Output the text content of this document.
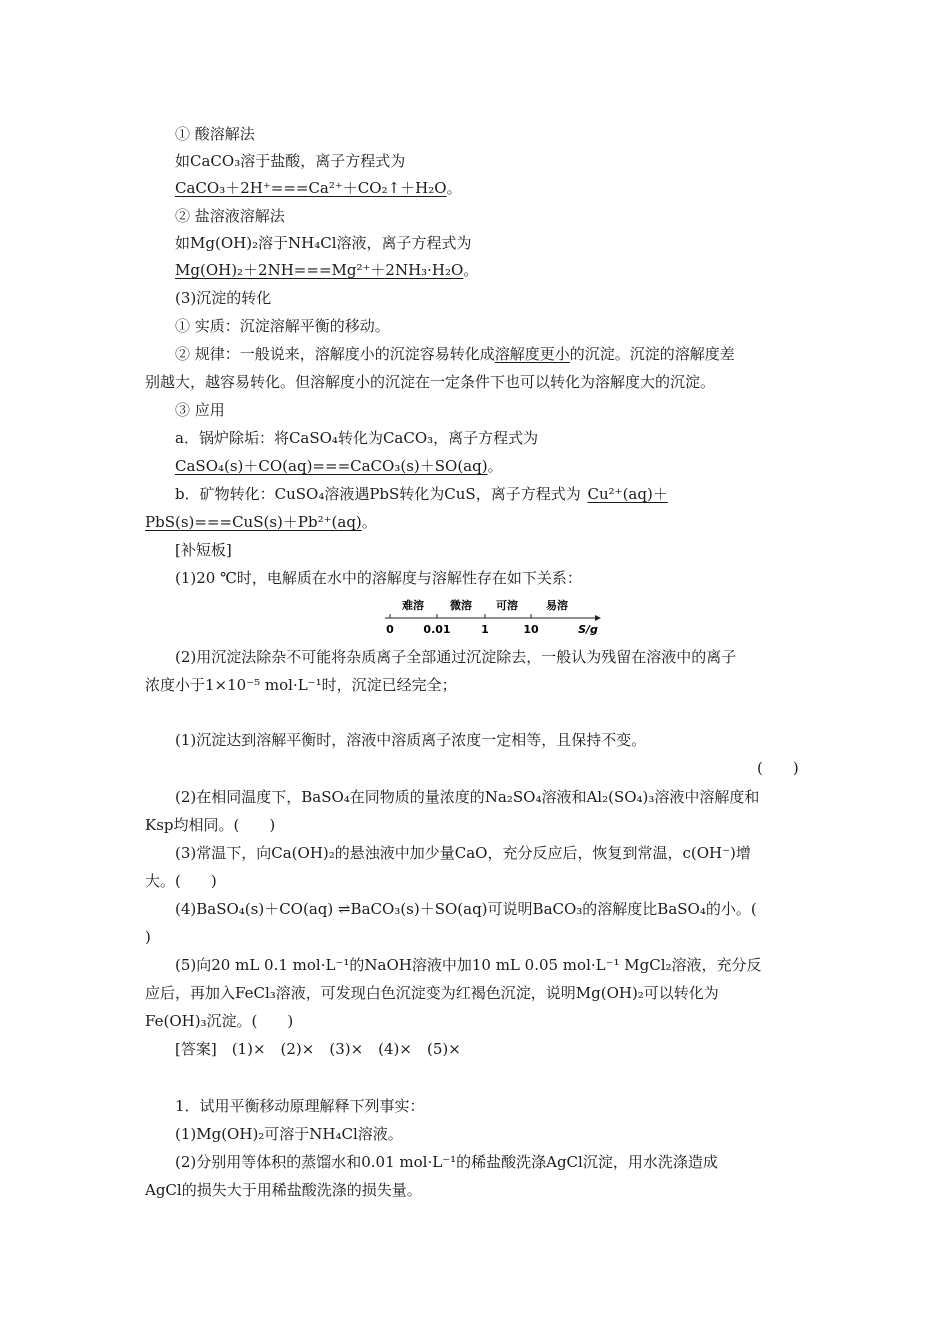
① 酸溶解法
如CaCO₃溶于盐酸，离子方程式为
CaCO₃＋2H⁺===Ca²⁺＋CO₂↑＋H₂O。
② 盐溶液溶解法
如Mg(OH)₂溶于NH₄Cl溶液，离子方程式为
Mg(OH)₂＋2NH===Mg²⁺＋2NH₃·H₂O。
(3)沉淀的转化
① 实质：沉淀溶解平衡的移动。
② 规律：一般说来，溶解度小的沉淀容易转化成溶解度更小的沉淀。沉淀的溶解度差
别越大，越容易转化。但溶解度小的沉淀在一定条件下也可以转化为溶解度大的沉淀。
③ 应用
a．锅炉除垢：将CaSO₄转化为CaCO₃，离子方程式为
CaSO₄(s)＋CO(aq)===CaCO₃(s)＋SO(aq)。
b．矿物转化：CuSO₄溶液遇PbS转化为CuS，离子方程式为 Cu²⁺(aq)＋
PbS(s)===CuS(s)＋Pb²⁺(aq)。
[补短板]
(1)20 ℃时，电解质在水中的溶解度与溶解性存在如下关系：
难溶 微溶 可溶	易溶
0	0.01	1	10	S/g
(2)用沉淀法除杂不可能将杂质离子全部通过沉淀除去，一般认为残留在溶液中的离子
浓度小于1×10⁻⁵ mol·L⁻¹时，沉淀已经完全；
(1)沉淀达到溶解平衡时，溶液中溶质离子浓度一定相等，且保持不变。
(　　)
(2)在相同温度下，BaSO₄在同物质的量浓度的Na₂SO₄溶液和Al₂(SO₄)₃溶液中溶解度和
Ksp均相同。(　　)
(3)常温下，向Ca(OH)₂的悬浊液中加少量CaO，充分反应后，恢复到常温，c(OH⁻)增
大。(　　)
(4)BaSO₄(s)＋CO(aq) ⇌BaCO₃(s)＋SO(aq)可说明BaCO₃的溶解度比BaSO₄的小。(
)
(5)向20 mL 0.1 mol·L⁻¹的NaOH溶液中加10 mL 0.05 mol·L⁻¹ MgCl₂溶液，充分反
应后，再加入FeCl₃溶液，可发现白色沉淀变为红褐色沉淀，说明Mg(OH)₂可以转化为
Fe(OH)₃沉淀。(　　)
[答案]　(1)×　(2)×　(3)×　(4)×　(5)×
1．试用平衡移动原理解释下列事实：
(1)Mg(OH)₂可溶于NH₄Cl溶液。
(2)分别用等体积的蒸馏水和0.01 mol·L⁻¹的稀盐酸洗涤AgCl沉淀，用水洗涤造成
AgCl的损失大于用稀盐酸洗涤的损失量。
